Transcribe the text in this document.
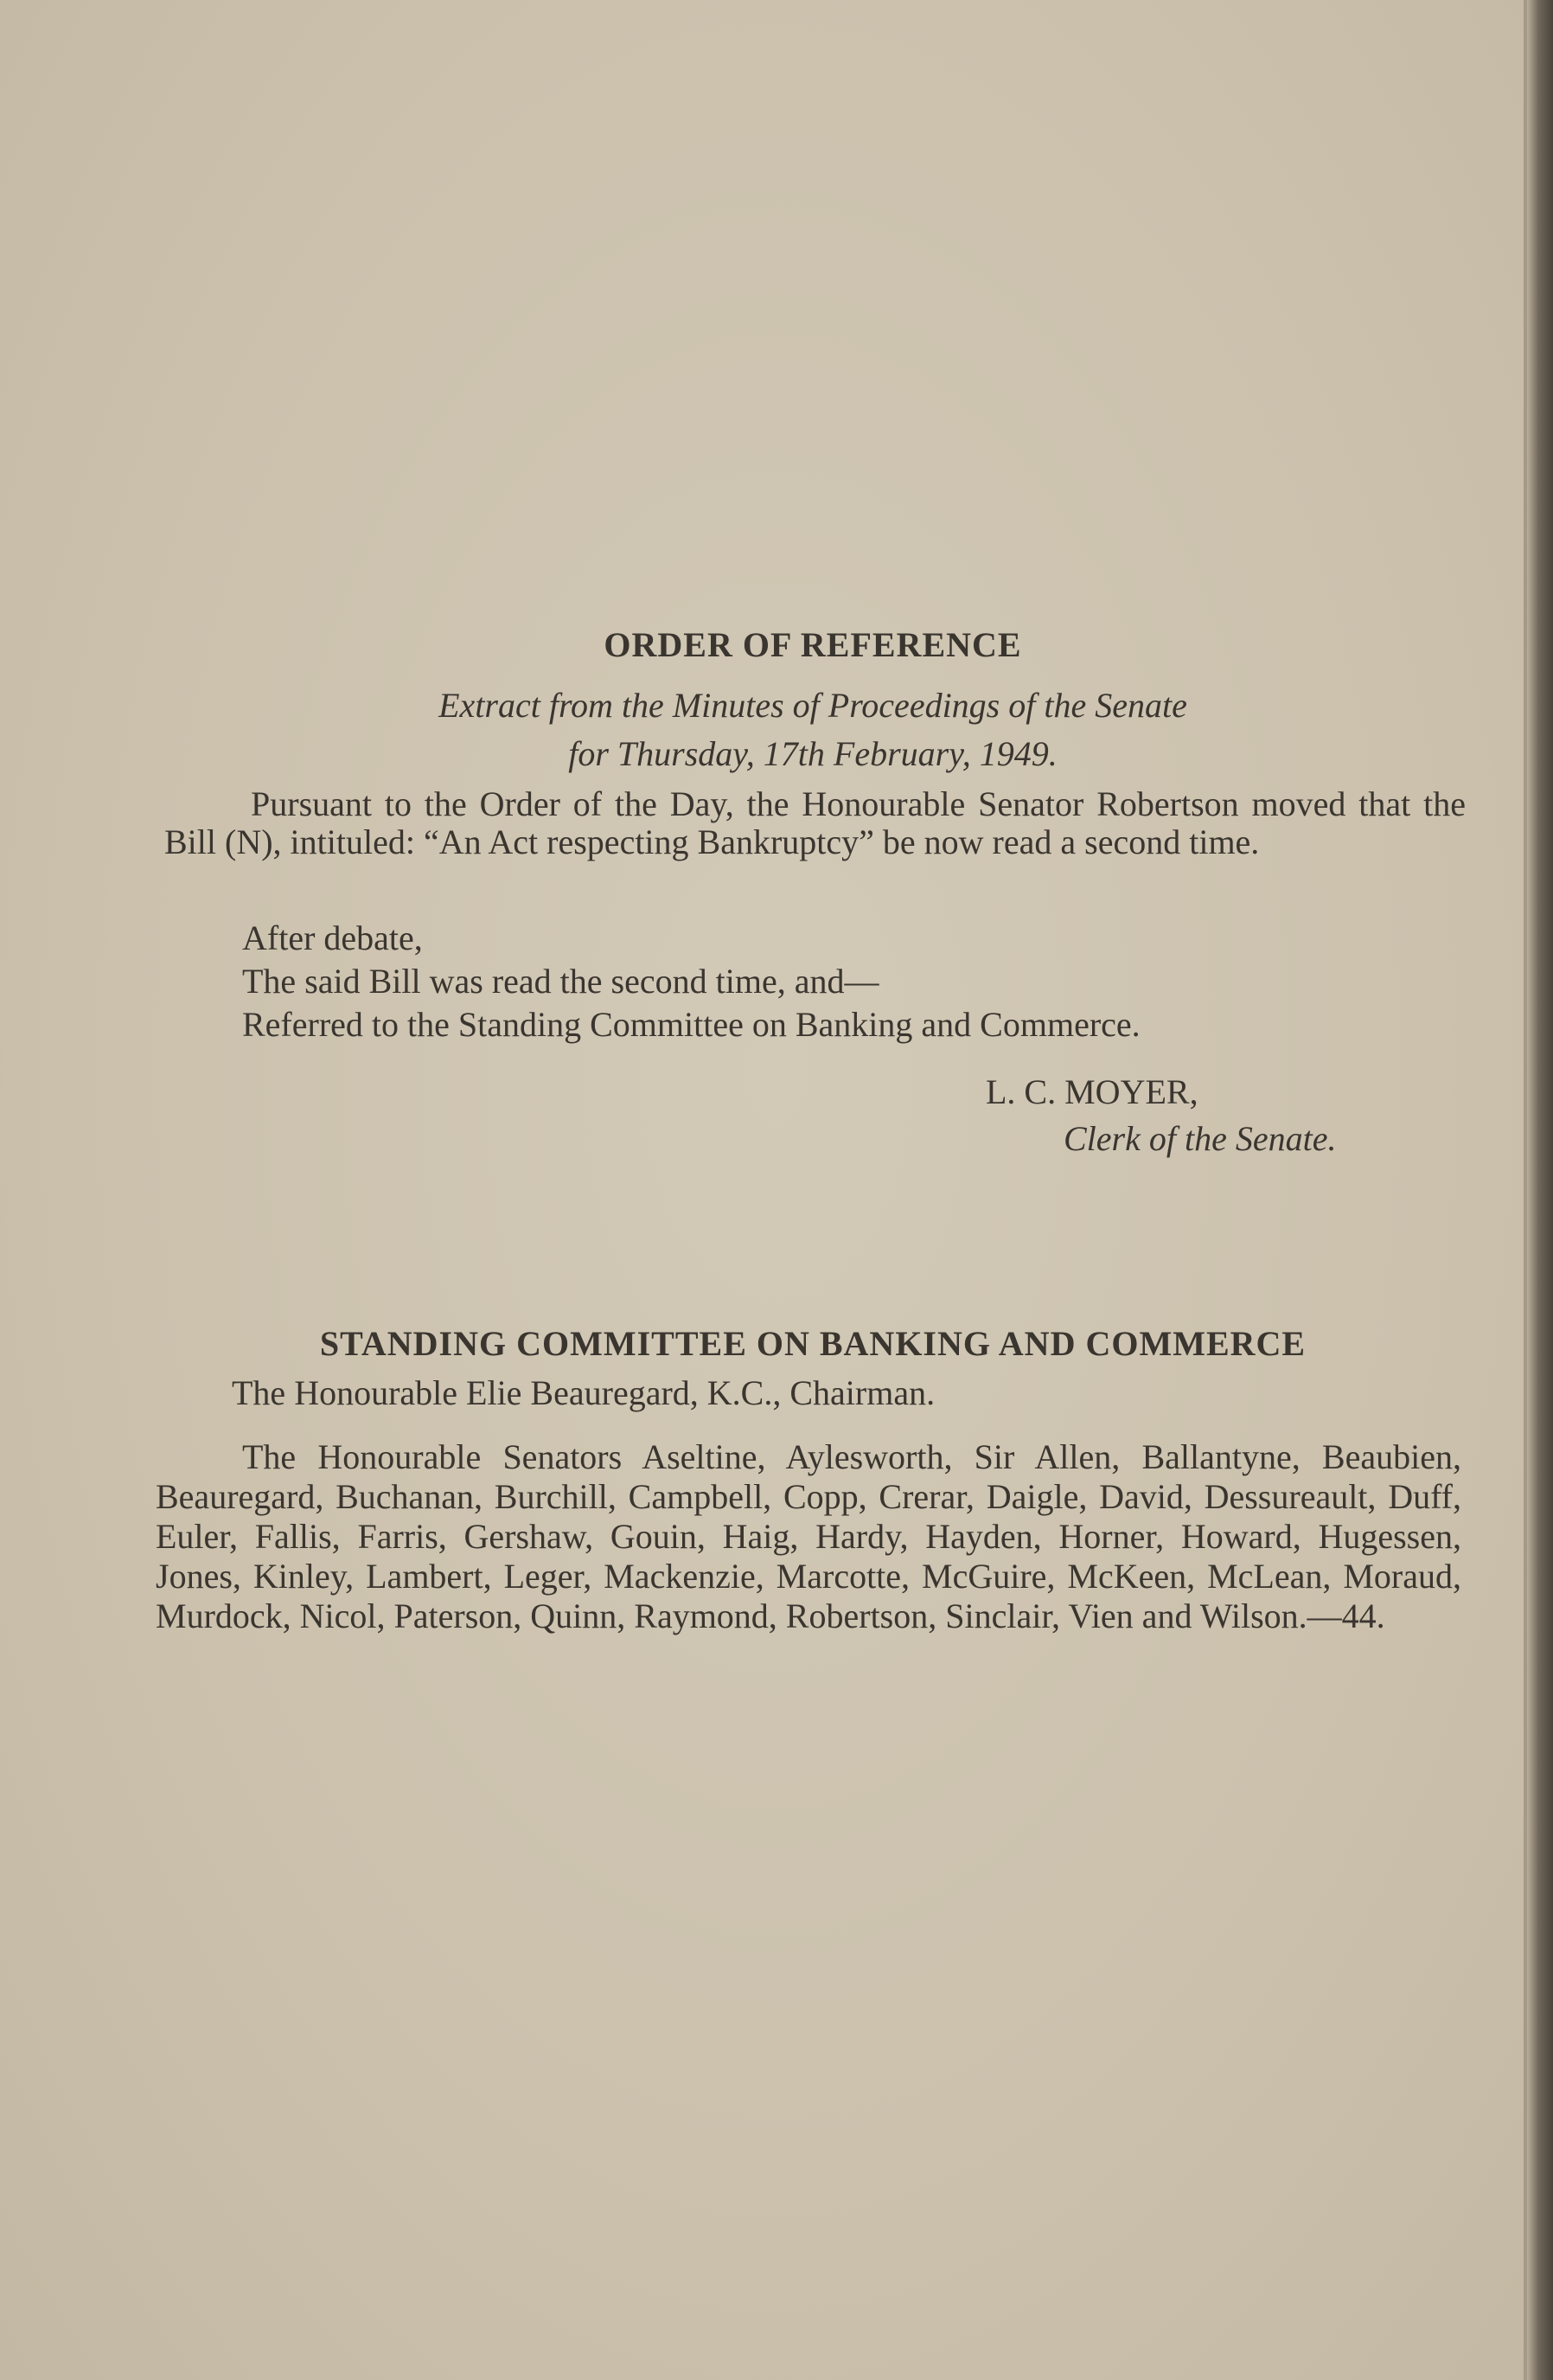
ORDER OF REFERENCE

Extract from the Minutes of Proceedings of the Senate

for Thursday, 17th February, 1949.

Pursuant to the Order of the Day, the Honourable Senator Robertson moved that the Bill (N), intituled: “An Act respecting Bankruptcy” be now read a second time.

After debate,

The said Bill was read the second time, and—

Referred to the Standing Committee on Banking and Commerce.

L. C. MOYER,

Clerk of the Senate.

STANDING COMMITTEE ON BANKING AND COMMERCE

The Honourable Elie Beauregard, K.C., Chairman.

The Honourable Senators Aseltine, Aylesworth, Sir Allen, Ballantyne, Beaubien, Beauregard, Buchanan, Burchill, Campbell, Copp, Crerar, Daigle, David, Dessureault, Duff, Euler, Fallis, Farris, Gershaw, Gouin, Haig, Hardy, Hayden, Horner, Howard, Hugessen, Jones, Kinley, Lambert, Leger, Mackenzie, Marcotte, McGuire, McKeen, McLean, Moraud, Murdock, Nicol, Paterson, Quinn, Raymond, Robertson, Sinclair, Vien and Wilson.—44.
